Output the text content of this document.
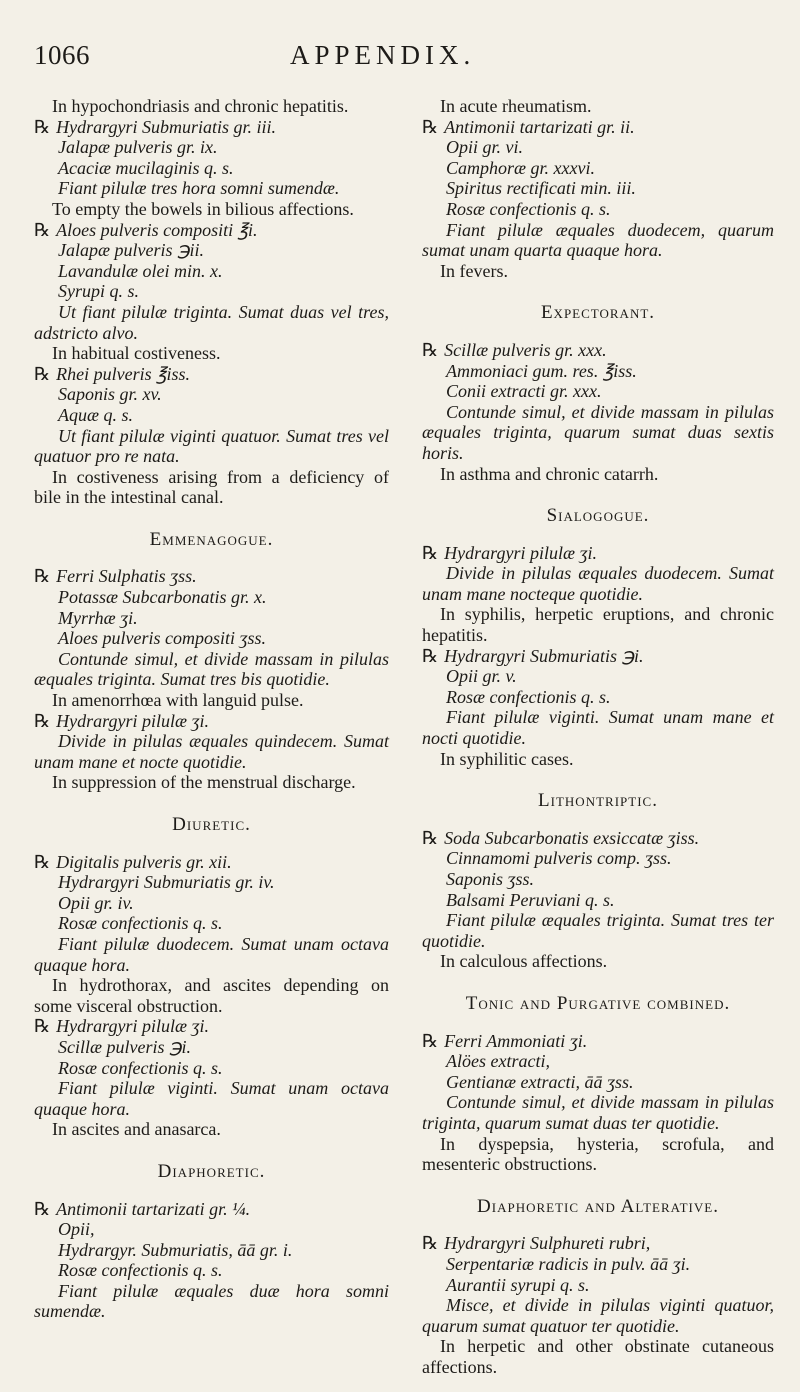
1066	APPENDIX.

In hypochondriasis and chronic hepatitis.

℞ Hydrargyri Submuriatis gr. iii.

Jalapæ pulveris gr. ix.

Acaciæ mucilaginis q. s.

Fiant pilulæ tres hora somni sumendæ.

To empty the bowels in bilious affections.

℞ Aloes pulveris compositi ℥i.

Jalapæ pulveris ℈ii.

Lavandulæ olei min. x.

Syrupi q. s.

Ut fiant pilulæ triginta. Sumat duas vel tres, adstricto alvo.

In habitual costiveness.

℞ Rhei pulveris ℥iss.

Saponis gr. xv.

Aquæ q. s.

Ut fiant pilulæ viginti quatuor. Sumat tres vel quatuor pro re nata.

In costiveness arising from a deficiency of bile in the intestinal canal.

Emmenagogue.

℞ Ferri Sulphatis ʒss.

Potassæ Subcarbonatis gr. x.

Myrrhæ ʒi.

Aloes pulveris compositi ʒss.

Contunde simul, et divide massam in pilulas æquales triginta. Sumat tres bis quotidie.

In amenorrhœa with languid pulse.

℞ Hydrargyri pilulæ ʒi.

Divide in pilulas æquales quindecem. Sumat unam mane et nocte quotidie.

In suppression of the menstrual discharge.

Diuretic.

℞ Digitalis pulveris gr. xii.

Hydrargyri Submuriatis gr. iv.

Opii gr. iv.

Rosæ confectionis q. s.

Fiant pilulæ duodecem. Sumat unam octava quaque hora.

In hydrothorax, and ascites depending on some visceral obstruction.

℞ Hydrargyri pilulæ ʒi.

Scillæ pulveris ℈i.

Rosæ confectionis q. s.

Fiant pilulæ viginti. Sumat unam octava quaque hora.

In ascites and anasarca.

Diaphoretic.

℞ Antimonii tartarizati gr. ¼.

Opii,

Hydrargyr. Submuriatis, āā gr. i.

Rosæ confectionis q. s.

Fiant pilulæ æquales duæ hora somni sumendæ.

In acute rheumatism.

℞ Antimonii tartarizati gr. ii.

Opii gr. vi.

Camphoræ gr. xxxvi.

Spiritus rectificati min. iii.

Rosæ confectionis q. s.

Fiant pilulæ æquales duodecem, quarum sumat unam quarta quaque hora.

In fevers.

Expectorant.

℞ Scillæ pulveris gr. xxx.

Ammoniaci gum. res. ℥iss.

Conii extracti gr. xxx.

Contunde simul, et divide massam in pilulas æquales triginta, quarum sumat duas sextis horis.

In asthma and chronic catarrh.

Sialogogue.

℞ Hydrargyri pilulæ ʒi.

Divide in pilulas æquales duodecem. Sumat unam mane nocteque quotidie.

In syphilis, herpetic eruptions, and chronic hepatitis.

℞ Hydrargyri Submuriatis ℈i.

Opii gr. v.

Rosæ confectionis q. s.

Fiant pilulæ viginti. Sumat unam mane et nocti quotidie.

In syphilitic cases.

Lithontriptic.

℞ Soda Subcarbonatis exsiccatæ ʒiss.

Cinnamomi pulveris comp. ʒss.

Saponis ʒss.

Balsami Peruviani q. s.

Fiant pilulæ æquales triginta. Sumat tres ter quotidie.

In calculous affections.

Tonic and Purgative combined.

℞ Ferri Ammoniati ʒi.

Alöes extracti,

Gentianæ extracti, āā ʒss.

Contunde simul, et divide massam in pilulas triginta, quarum sumat duas ter quotidie.

In dyspepsia, hysteria, scrofula, and mesenteric obstructions.

Diaphoretic and Alterative.

℞ Hydrargyri Sulphureti rubri,

Serpentariæ radicis in pulv. āā ʒi.

Aurantii syrupi q. s.

Misce, et divide in pilulas viginti quatuor, quarum sumat quatuor ter quotidie.

In herpetic and other obstinate cutaneous affections.
